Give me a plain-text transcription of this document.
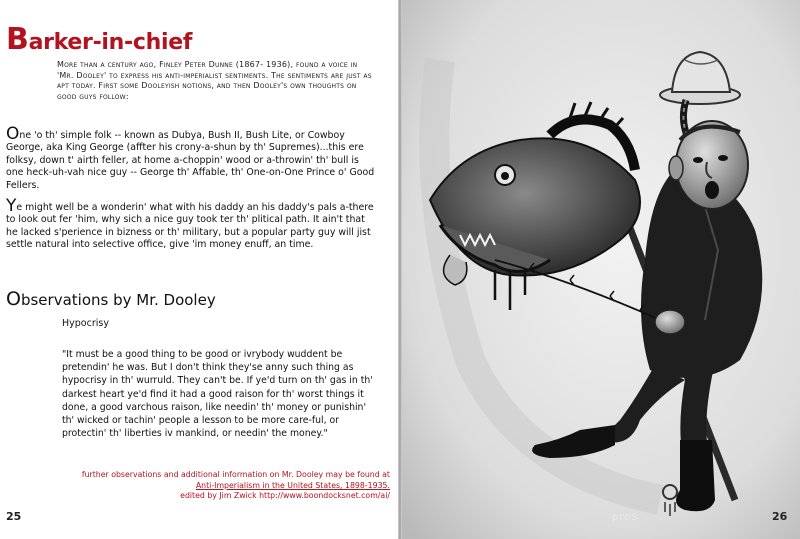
Barker-in-chief

More than a century ago, Finley Peter Dunne (1867- 1936), found a voice in 'Mr. Dooley' to express his anti-imperialist sentiments. The sentiments are just as apt today. First some Dooleyish notions, and then Dooley's own thoughts on good guys follow:

One 'o th' simple folk -- known as Dubya, Bush II, Bush Lite, or Cowboy George, aka King George (affter his crony-a-shun by th' Supremes)...this ere folksy, down t' airth feller, at home a-choppin' wood or a-throwin' th' bull is one heck-uh-vah nice guy -- George th' Affable, th' One-on-One Prince o' Good Fellers.

Ye might well be a wonderin' what with his daddy an his daddy's pals a-there to look out fer 'him, why sich a nice guy took ter th' plitical path. It ain't that he lacked s'perience in bizness or th' military, but a popular party guy will jist settle natural into selective office, give 'im money enuff, an time.

Observations by Mr. Dooley

Hypocrisy

"It must be a good thing to be good or ivrybody wuddent be pretendin' he was. But I don't think they'se anny such thing as hypocrisy in th' wurruld. They can't be. If ye'd turn on th' gas in th' darkest heart ye'd find it had a good raison for th' worst things it done, a good varchous raison, like needin' th' money or punishin' th' wicked or tachin' people a lesson to be more care-ful, or protectin' th' liberties iv mankind, or needin' the money."

further observations and additional information on Mr. Dooley may be found at
Anti-Imperialism in the United States, 1898-1935.
edited by Jim Zwick http://www.boondocksnet.com/ai/

25	proS	26
